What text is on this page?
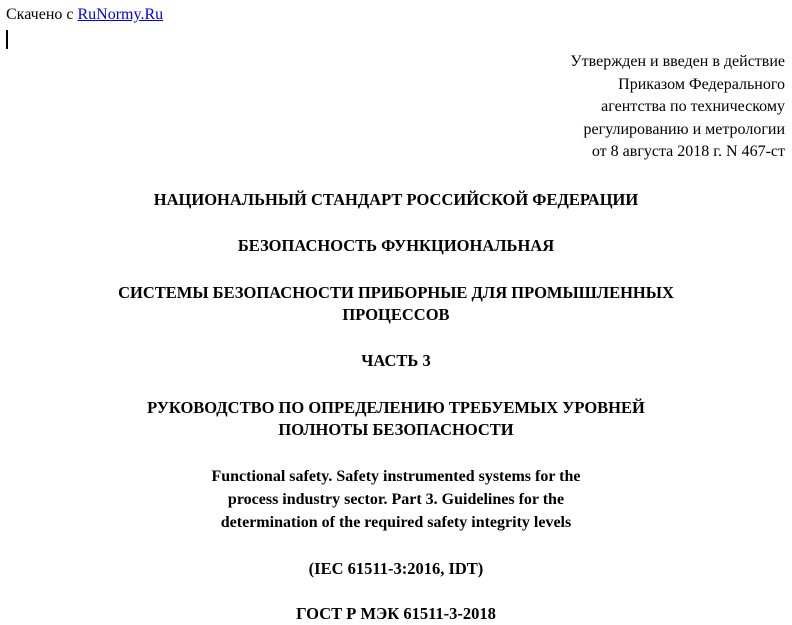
Скачено с RuNormy.Ru
Утвержден и введен в действие
Приказом Федерального
агентства по техническому
регулированию и метрологии
от 8 августа 2018 г. N 467-ст
НАЦИОНАЛЬНЫЙ СТАНДАРТ РОССИЙСКОЙ ФЕДЕРАЦИИ
БЕЗОПАСНОСТЬ ФУНКЦИОНАЛЬНАЯ
СИСТЕМЫ БЕЗОПАСНОСТИ ПРИБОРНЫЕ ДЛЯ ПРОМЫШЛЕННЫХ
ПРОЦЕССОВ
ЧАСТЬ 3
РУКОВОДСТВО ПО ОПРЕДЕЛЕНИЮ ТРЕБУЕМЫХ УРОВНЕЙ
ПОЛНОТЫ БЕЗОПАСНОСТИ
Functional safety. Safety instrumented systems for the
process industry sector. Part 3. Guidelines for the
determination of the required safety integrity levels
(IEC 61511-3:2016, IDT)
ГОСТ Р МЭК 61511-3-2018
